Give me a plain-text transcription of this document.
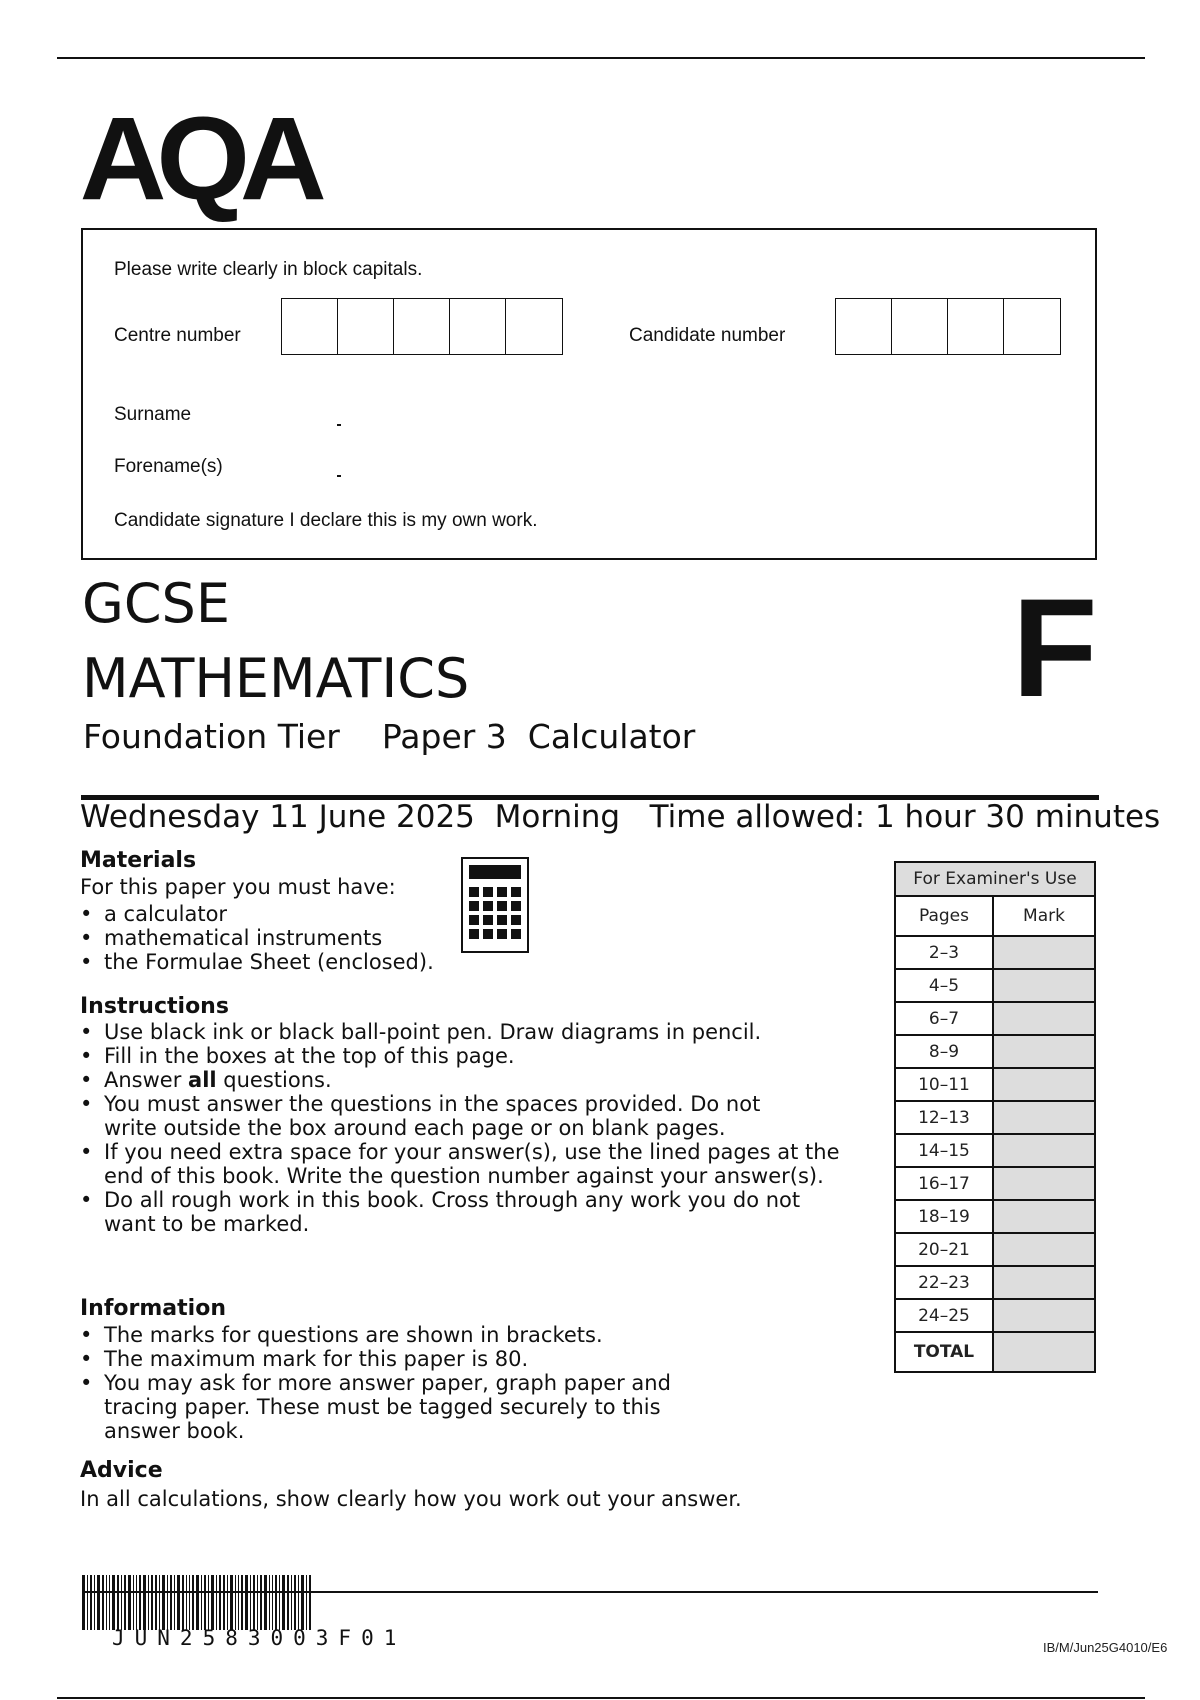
AQA
Please write clearly in block capitals.
Centre number	Candidate number
Surname
Forename(s)
Candidate signature I declare this is my own work.
GCSE
MATHEMATICS
Foundation Tier Paper 3 Calculator
F
Wednesday 11 June 2025 Morning Time allowed: 1 hour 30 minutes
Materials
For this paper you must have:
• a calculator
• mathematical instruments
• the Formulae Sheet (enclosed).
Instructions
• Use black ink or black ball-point pen. Draw diagrams in pencil.
• Fill in the boxes at the top of this page.
• Answer all questions.
• You must answer the questions in the spaces provided. Do not write outside the box around each page or on blank pages.
• If you need extra space for your answer(s), use the lined pages at the end of this book. Write the question number against your answer(s).
• Do all rough work in this book. Cross through any work you do not want to be marked.
Information
• The marks for questions are shown in brackets.
• The maximum mark for this paper is 80.
• You may ask for more answer paper, graph paper and tracing paper. These must be tagged securely to this answer book.
Advice
In all calculations, show clearly how you work out your answer.
For Examiner's Use	
Pages	Mark
2–3	
4–5	
6–7	
8–9	
10–11	
12–13	
14–15	
16–17	
18–19	
20–21	
22–23	
24–25	
TOTAL	
JUN2583003F01	IB/M/Jun25G4010/E6
